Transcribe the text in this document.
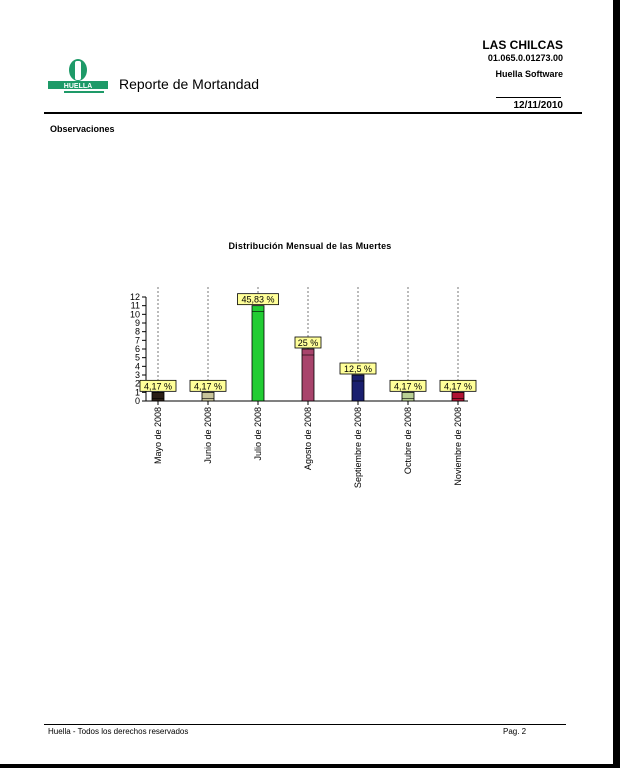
HUELLA Reporte de Mortandad
LAS CHILCAS
01.065.0.01273.00
Huella Software
12/11/2010
Observaciones
Distribución Mensual de las Muertes
0
1
2
3
4
5
6
7
8
9
10
11
12
4,17 %
Mayo de 2008
4,17 %
Junio de 2008
45,83 %
Julio de 2008
25 %
Agosto de 2008
12,5 %
Septiembre de 2008
4,17 %
Octubre de 2008
4,17 %
Noviembre de 2008
Huella - Todos los derechos reservados	Pag. 2
